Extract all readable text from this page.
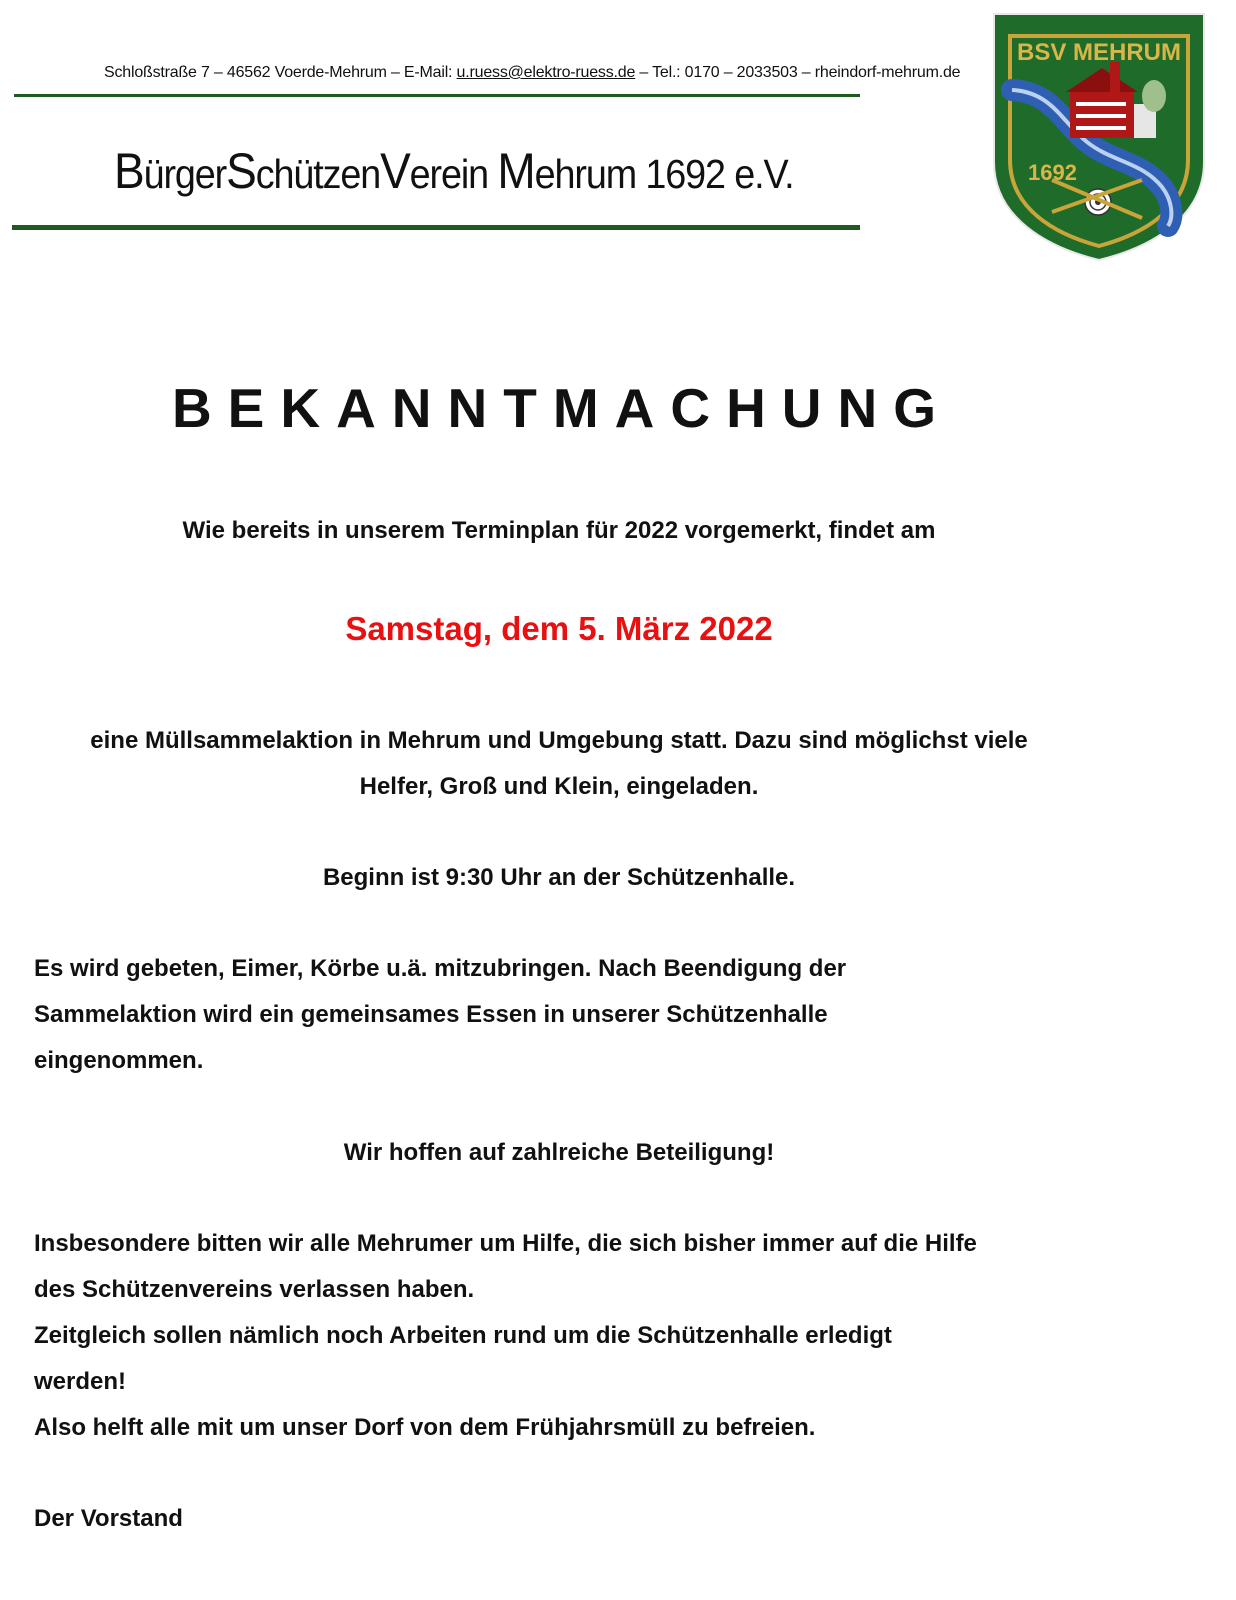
Schloßstraße 7 – 46562 Voerde-Mehrum – E-Mail: u.ruess@elektro-ruess.de – Tel.: 0170 – 2033503 – rheindorf-mehrum.de
BürgerSchützenVerein Mehrum 1692 e.V.
BSV MEHRUM
1692
BEKANNTMACHUNG
Wie bereits in unserem Terminplan für 2022 vorgemerkt, findet am
Samstag, dem 5. März 2022
eine Müllsammelaktion in Mehrum und Umgebung statt. Dazu sind möglichst viele
Helfer, Groß und Klein, eingeladen.
Beginn ist 9:30 Uhr an der Schützenhalle.
Es wird gebeten, Eimer, Körbe u.ä. mitzubringen. Nach Beendigung der
Sammelaktion wird ein gemeinsames Essen in unserer Schützenhalle
eingenommen.
Wir hoffen auf zahlreiche Beteiligung!
Insbesondere bitten wir alle Mehrumer um Hilfe, die sich bisher immer auf die Hilfe
des Schützenvereins verlassen haben.
Zeitgleich sollen nämlich noch Arbeiten rund um die Schützenhalle erledigt
werden!
Also helft alle mit um unser Dorf von dem Frühjahrsmüll zu befreien.
Der Vorstand
